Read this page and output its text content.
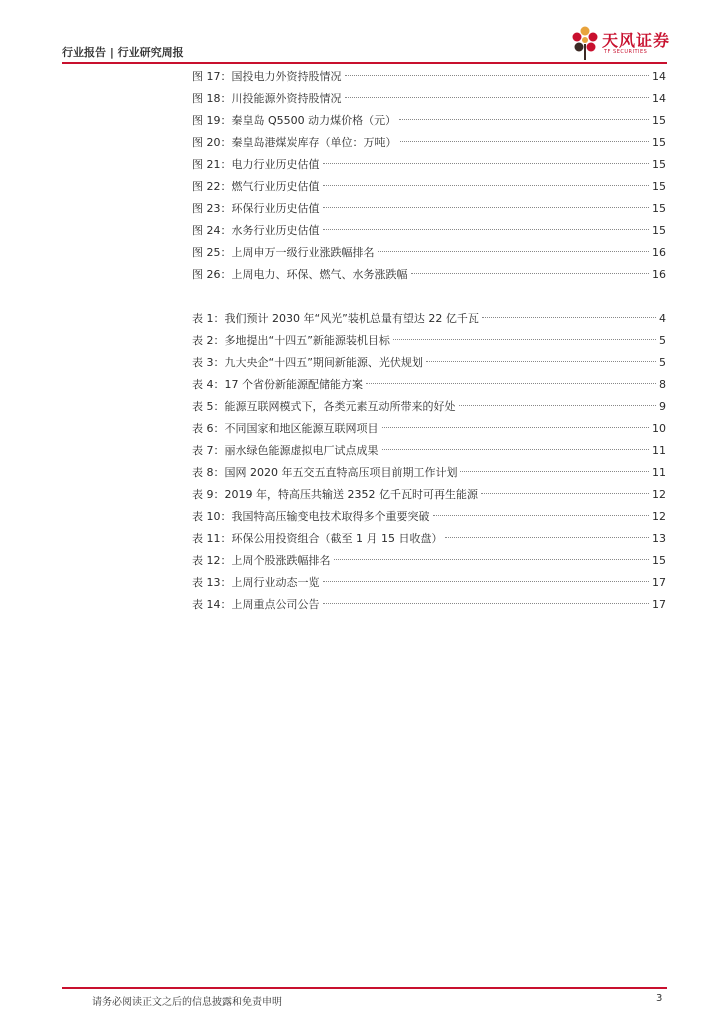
行业报告 | 行业研究周报
天风证券
TF SECURITIES
图 17：国投电力外资持股情况	14
图 18：川投能源外资持股情况	14
图 19：秦皇岛 Q5500 动力煤价格（元）	15
图 20：秦皇岛港煤炭库存（单位：万吨）	15
图 21：电力行业历史估值	15
图 22：燃气行业历史估值	15
图 23：环保行业历史估值	15
图 24：水务行业历史估值	15
图 25：上周申万一级行业涨跌幅排名	16
图 26：上周电力、环保、燃气、水务涨跌幅	16
表 1：我们预计 2030 年“风光”装机总量有望达 22 亿千瓦	4
表 2：多地提出“十四五”新能源装机目标	5
表 3：九大央企“十四五”期间新能源、光伏规划	5
表 4：17 个省份新能源配储能方案	8
表 5：能源互联网模式下，各类元素互动所带来的好处	9
表 6：不同国家和地区能源互联网项目	10
表 7：丽水绿色能源虚拟电厂试点成果	11
表 8：国网 2020 年五交五直特高压项目前期工作计划	11
表 9：2019 年，特高压共输送 2352 亿千瓦时可再生能源	12
表 10：我国特高压输变电技术取得多个重要突破	12
表 11：环保公用投资组合（截至 1 月 15 日收盘）	13
表 12：上周个股涨跌幅排名	15
表 13：上周行业动态一览	17
表 14：上周重点公司公告	17
请务必阅读正文之后的信息披露和免责申明	3
